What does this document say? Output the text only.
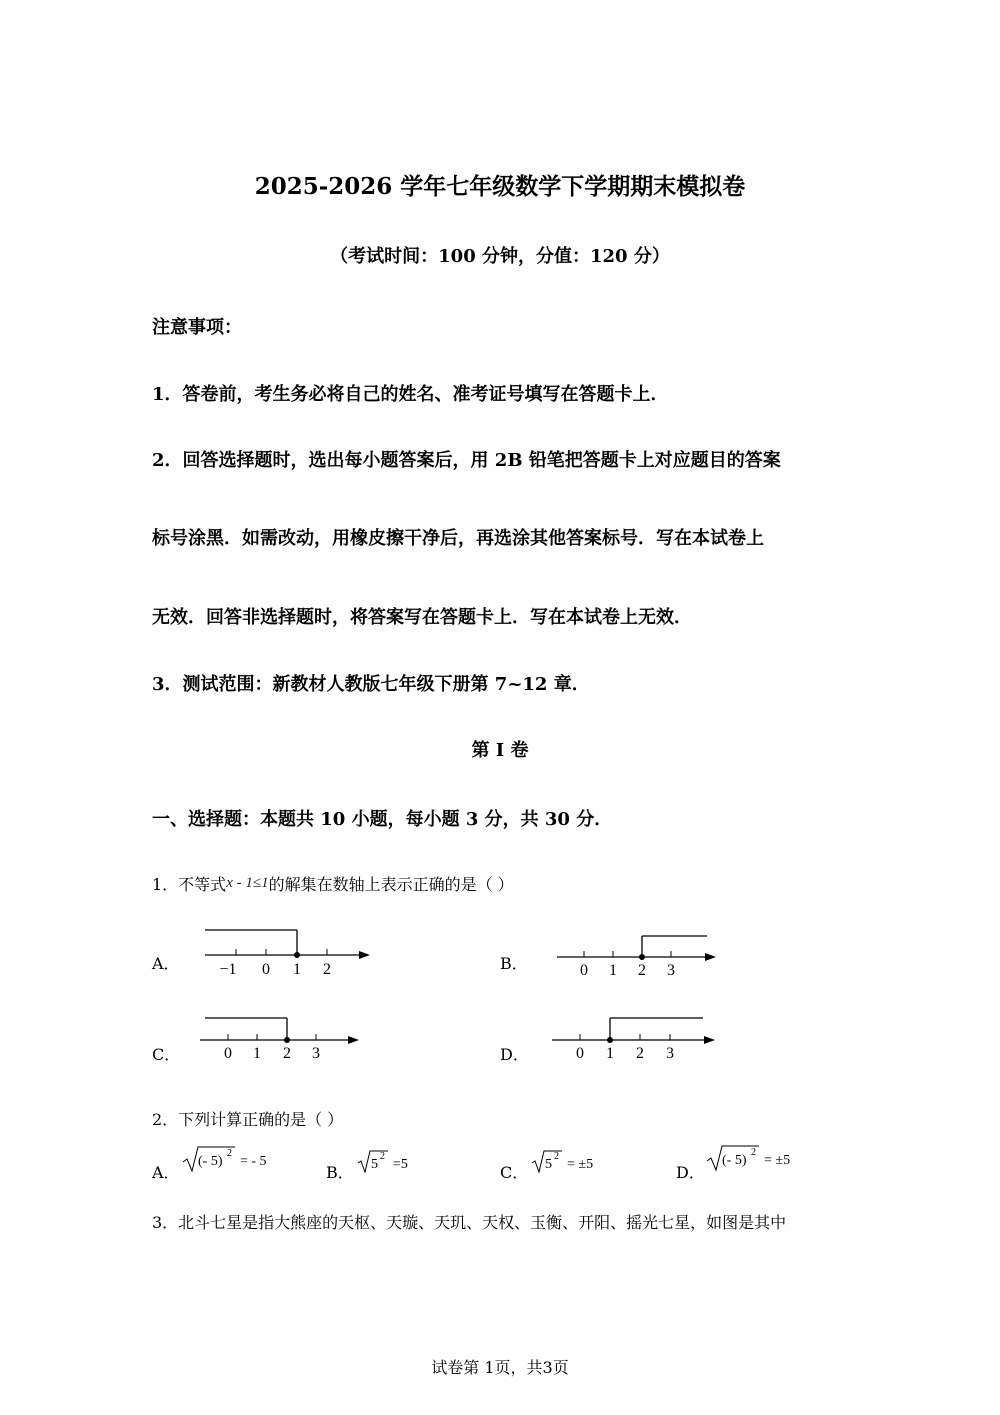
2025-2026 学年七年级数学下学期期末模拟卷
（考试时间：100 分钟，分值：120 分）
注意事项：
1．答卷前，考生务必将自己的姓名、准考证号填写在答题卡上．
2．回答选择题时，选出每小题答案后，用 2B 铅笔把答题卡上对应题目的答案
标号涂黑．如需改动，用橡皮擦干净后，再选涂其他答案标号．写在本试卷上
无效．回答非选择题时，将答案写在答题卡上．写在本试卷上无效．
3．测试范围：新教材人教版七年级下册第 7~12 章．
第 I 卷
一、选择题：本题共 10 小题，每小题 3 分，共 30 分．
1．不等式x - 1≤1的解集在数轴上表示正确的是（ ）
A． −1 0 1 2	B．	0 1 2 3
C．	0 1 2 3	D．	0 1 2 3
2．下列计算正确的是（ ）
A．
(- 5)
2
= - 5
B． 5
2
=5	C． 5
2
= ±5	D．
(- 5)
2
= ±5
3．北斗七星是指大熊座的天枢、天璇、天玑、天权、玉衡、开阳、摇光七星，如图是其中
试卷第 1页，共3页
